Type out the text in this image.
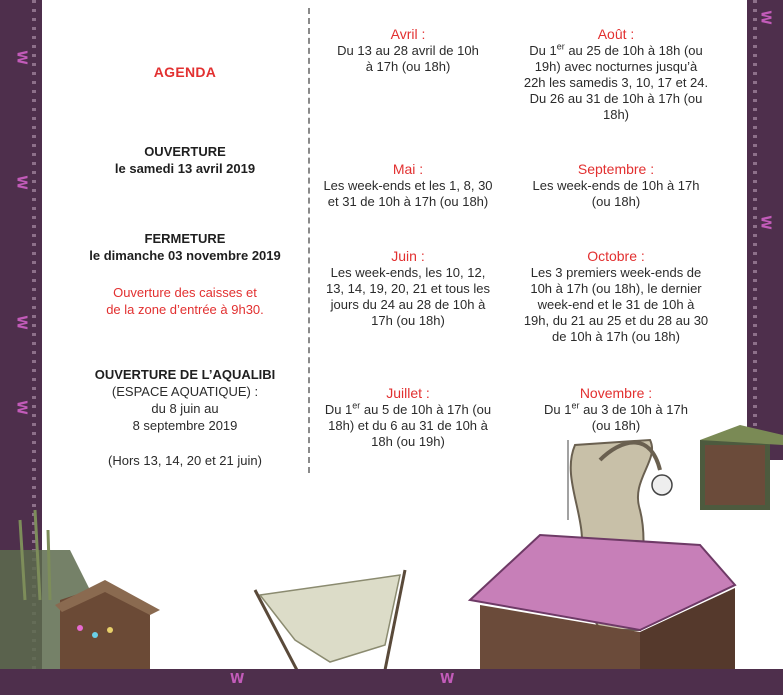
W
W
W
W
W
W
W	W
AGENDA
OUVERTURE
le samedi 13 avril 2019
FERMETURE
le dimanche 03 novembre 2019
Ouverture des caisses et
de la zone d’entrée à 9h30.
OUVERTURE DE L’AQUALIBI
(ESPACE AQUATIQUE) :
du 8 juin au
8 septembre 2019
(Hors 13, 14, 20 et 21 juin)
Avril :
Du 13 au 28 avril de 10h
à 17h (ou 18h)
Août :
Du 1er au 25 de 10h à 18h (ou
19h) avec nocturnes jusqu’à
22h les samedis 3, 10, 17 et 24.
Du 26 au 31 de 10h à 17h (ou
18h)
Mai :
Les week-ends et les 1, 8, 30
et 31 de 10h à 17h (ou 18h)
Septembre :
Les week-ends de 10h à 17h
(ou 18h)
Juin :
Les week-ends, les 10, 12,
13, 14, 19, 20, 21 et tous les
jours du 24 au 28 de 10h à
17h (ou 18h)
Octobre :
Les 3 premiers week-ends de
10h à 17h (ou 18h), le dernier
week-end et le 31 de 10h à
19h, du 21 au 25 et du 28 au 30
de 10h à 17h (ou 18h)
Juillet :
Du 1er au 5 de 10h à 17h (ou
18h) et du 6 au 31 de 10h à
18h (ou 19h)
Novembre :
Du 1er au 3 de 10h à 17h
(ou 18h)
